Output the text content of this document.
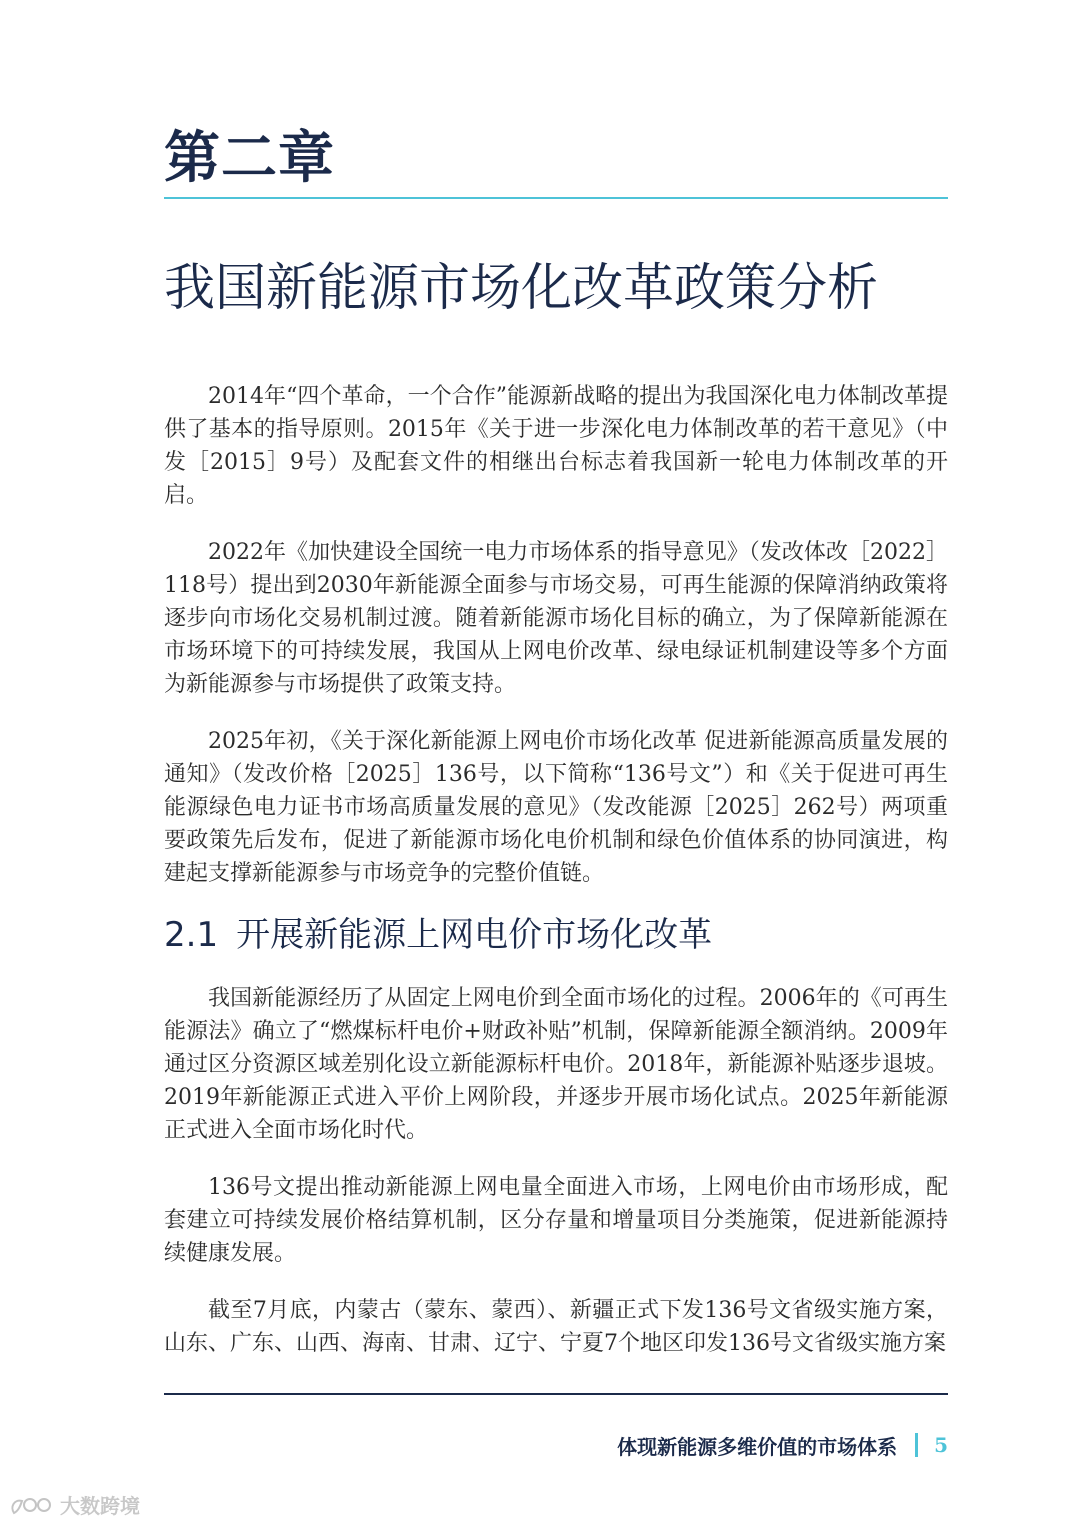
第二章
我国新能源市场化改革政策分析

2014年“四个革命，一个合作”能源新战略的提出为我国深化电力体制改革提供了基本的指导原则。2015年《关于进一步深化电力体制改革的若干意见》（中发［2015］9号）及配套文件的相继出台标志着我国新一轮电力体制改革的开启。

2022年《加快建设全国统一电力市场体系的指导意见》（发改体改［2022］118号）提出到2030年新能源全面参与市场交易，可再生能源的保障消纳政策将逐步向市场化交易机制过渡。随着新能源市场化目标的确立，为了保障新能源在市场环境下的可持续发展，我国从上网电价改革、绿电绿证机制建设等多个方面为新能源参与市场提供了政策支持。

2025年初，《关于深化新能源上网电价市场化改革 促进新能源高质量发展的通知》（发改价格［2025］136号，以下简称“136号文”）和《关于促进可再生能源绿色电力证书市场高质量发展的意见》（发改能源［2025］262号）两项重要政策先后发布，促进了新能源市场化电价机制和绿色价值体系的协同演进，构建起支撑新能源参与市场竞争的完整价值链。

2.1 开展新能源上网电价市场化改革

我国新能源经历了从固定上网电价到全面市场化的过程。2006年的《可再生能源法》确立了“燃煤标杆电价+财政补贴”机制，保障新能源全额消纳。2009年通过区分资源区域差别化设立新能源标杆电价。2018年，新能源补贴逐步退坡。2019年新能源正式进入平价上网阶段，并逐步开展市场化试点。2025年新能源正式进入全面市场化时代。

136号文提出推动新能源上网电量全面进入市场，上网电价由市场形成，配套建立可持续发展价格结算机制，区分存量和增量项目分类施策，促进新能源持续健康发展。

截至7月底，内蒙古（蒙东、蒙西）、新疆正式下发136号文省级实施方案，山东、广东、山西、海南、甘肃、辽宁、宁夏7个地区印发136号文省级实施方案

体现新能源多维价值的市场体系 5
大数跨境
